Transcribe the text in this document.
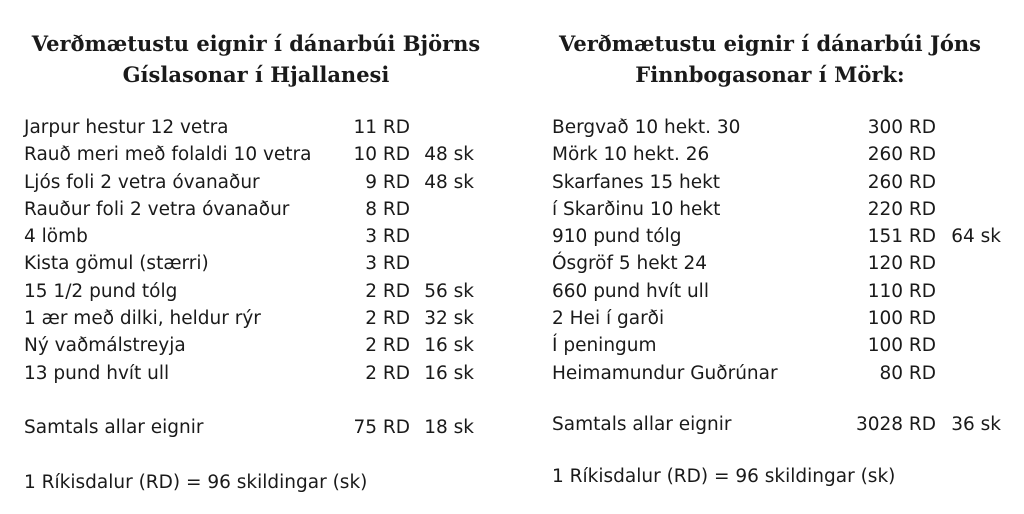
Verðmætustu eignir í dánarbúi Björns
Gíslasonar í Hjallanesi
Jarpur hestur 12 vetra	11 RD
Rauð meri með folaldi 10 vetra	10 RD 48 sk
Ljós foli 2 vetra óvanaður	9 RD 48 sk
Rauður foli 2 vetra óvanaður	8 RD
4 lömb	3 RD
Kista gömul (stærri)	3 RD
15 1/2 pund tólg	2 RD 56 sk
1 ær með dilki, heldur rýr	2 RD 32 sk
Ný vaðmálstreyja	2 RD 16 sk
13 pund hvít ull	2 RD 16 sk
Samtals allar eignir	75 RD 18 sk
1 Ríkisdalur (RD) = 96 skildingar (sk)
Verðmætustu eignir í dánarbúi Jóns
Finnbogasonar í Mörk:
Bergvað 10 hekt. 30	300 RD
Mörk 10 hekt. 26	260 RD
Skarfanes 15 hekt	260 RD
í Skarðinu 10 hekt	220 RD
910 pund tólg	151 RD 64 sk
Ósgröf 5 hekt 24	120 RD
660 pund hvít ull	110 RD
2 Hei í garði	100 RD
Í peningum	100 RD
Heimamundur Guðrúnar	80 RD
Samtals allar eignir	3028 RD 36 sk
1 Ríkisdalur (RD) = 96 skildingar (sk)
